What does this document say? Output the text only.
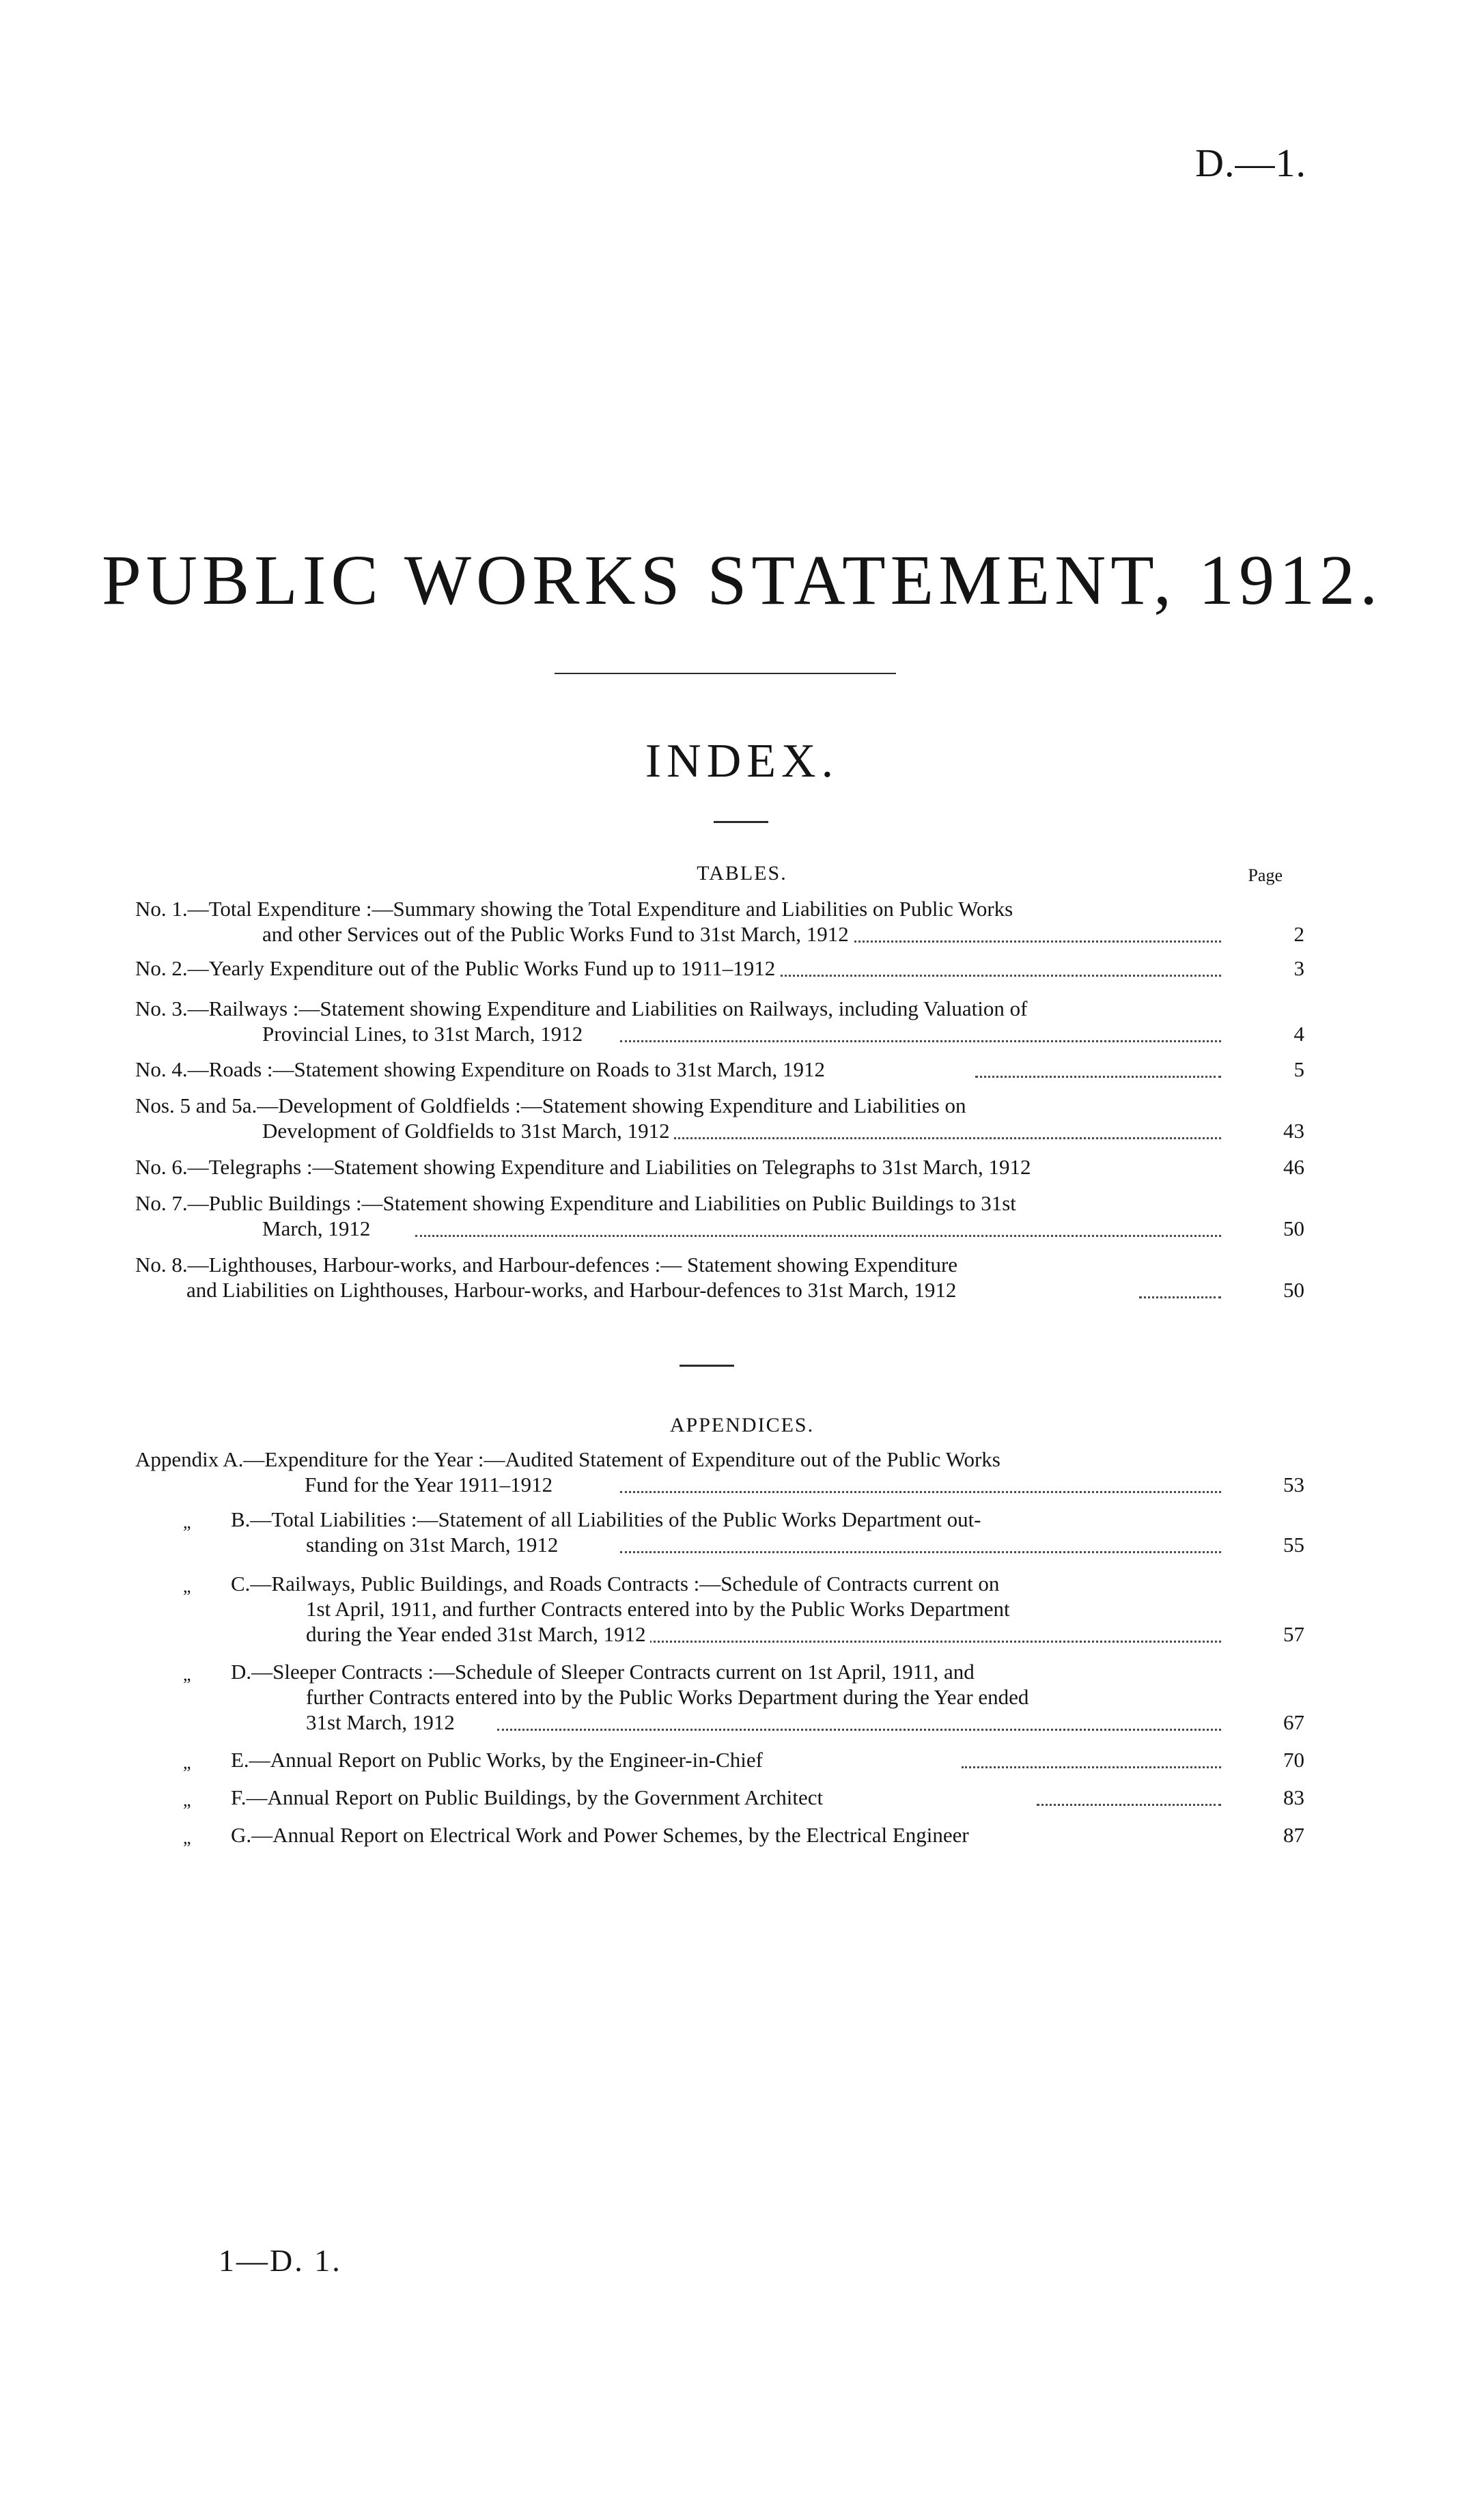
D.—1.
PUBLIC WORKS STATEMENT, 1912.
INDEX.
TABLES.	Page
No. 1.—Total Expenditure :—Summary showing the Total Expenditure and Liabilities on Public Works
and other Services out of the Public Works Fund to 31st March, 1912	2
No. 2.—Yearly Expenditure out of the Public Works Fund up to 1911–1912	3
No. 3.—Railways :—Statement showing Expenditure and Liabilities on Railways, including Valuation of
Provincial Lines, to 31st March, 1912	4
No. 4.—Roads :—Statement showing Expenditure on Roads to 31st March, 1912	5
Nos. 5 and 5a.—Development of Goldfields :—Statement showing Expenditure and Liabilities on
Development of Goldfields to 31st March, 1912	43
No. 6.—Telegraphs :—Statement showing Expenditure and Liabilities on Telegraphs to 31st March, 1912	46
No. 7.—Public Buildings :—Statement showing Expenditure and Liabilities on Public Buildings to 31st
March, 1912	50
No. 8.—Lighthouses, Harbour-works, and Harbour-defences :— Statement showing Expenditure
and Liabilities on Lighthouses, Harbour-works, and Harbour-defences to 31st March, 1912	50
APPENDICES.
Appendix A.—Expenditure for the Year :—Audited Statement of Expenditure out of the Public Works
Fund for the Year 1911–1912	53
„ B.—Total Liabilities :—Statement of all Liabilities of the Public Works Department out-
standing on 31st March, 1912	55
„ C.—Railways, Public Buildings, and Roads Contracts :—Schedule of Contracts current on
1st April, 1911, and further Contracts entered into by the Public Works Department
during the Year ended 31st March, 1912	57
„ D.—Sleeper Contracts :—Schedule of Sleeper Contracts current on 1st April, 1911, and
further Contracts entered into by the Public Works Department during the Year ended
31st March, 1912	67
„ E.—Annual Report on Public Works, by the Engineer-in-Chief	70
„ F.—Annual Report on Public Buildings, by the Government Architect	83
„ G.—Annual Report on Electrical Work and Power Schemes, by the Electrical Engineer	87
1—D. 1.
